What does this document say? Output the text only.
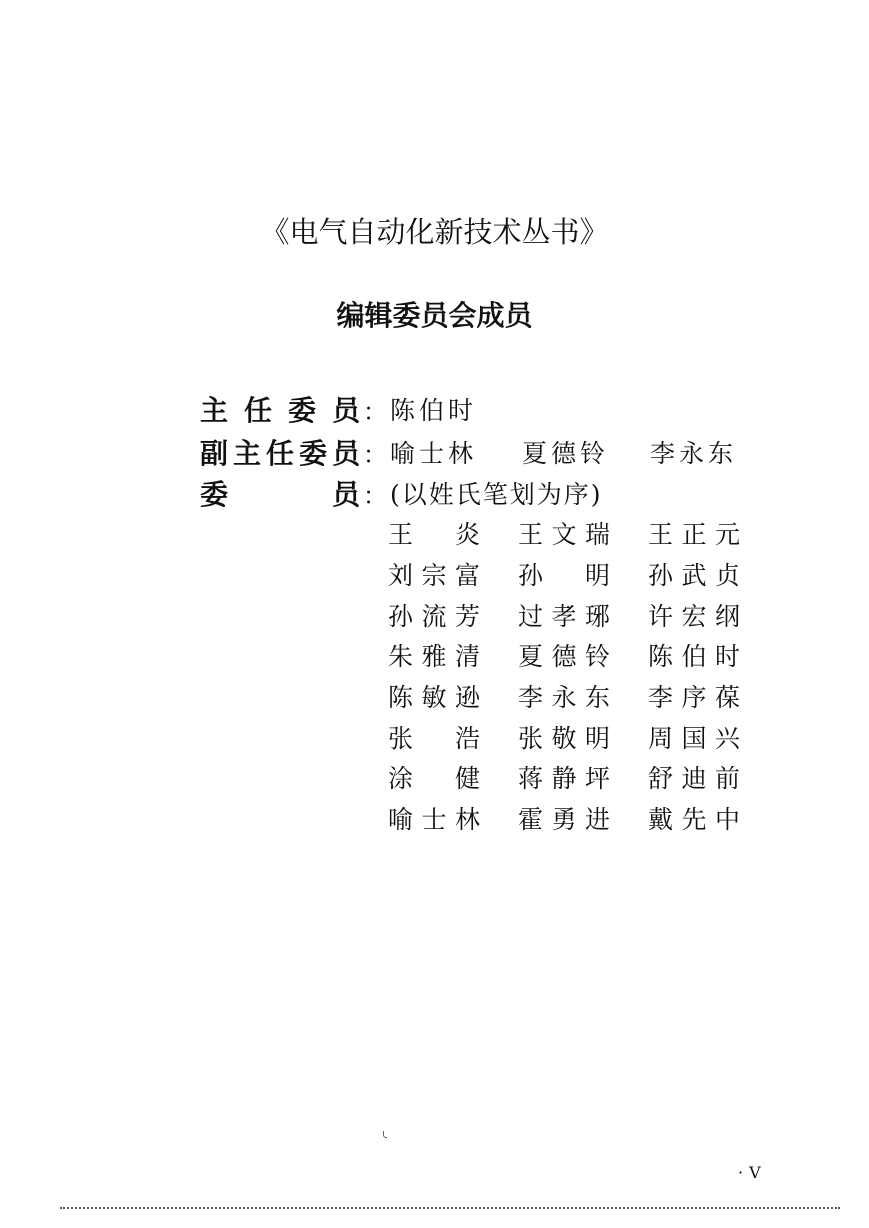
《电气自动化新技术丛书》
编辑委员会成员
主任委员 ： 陈伯时
副主任委员 ： 喻士林	夏德铃	李永东
委员 ： (以姓氏笔划为序)
王炎 王文瑞 王正元
刘宗富 孙明 孙武贞
孙流芳 过孝琊 许宏纲
朱雅清 夏德铃 陈伯时
陈敏逊 李永东 李序葆
张浩 张敬明 周国兴
涂健 蒋静坪 舒迪前
喻士林 霍勇进 戴先中
· V
